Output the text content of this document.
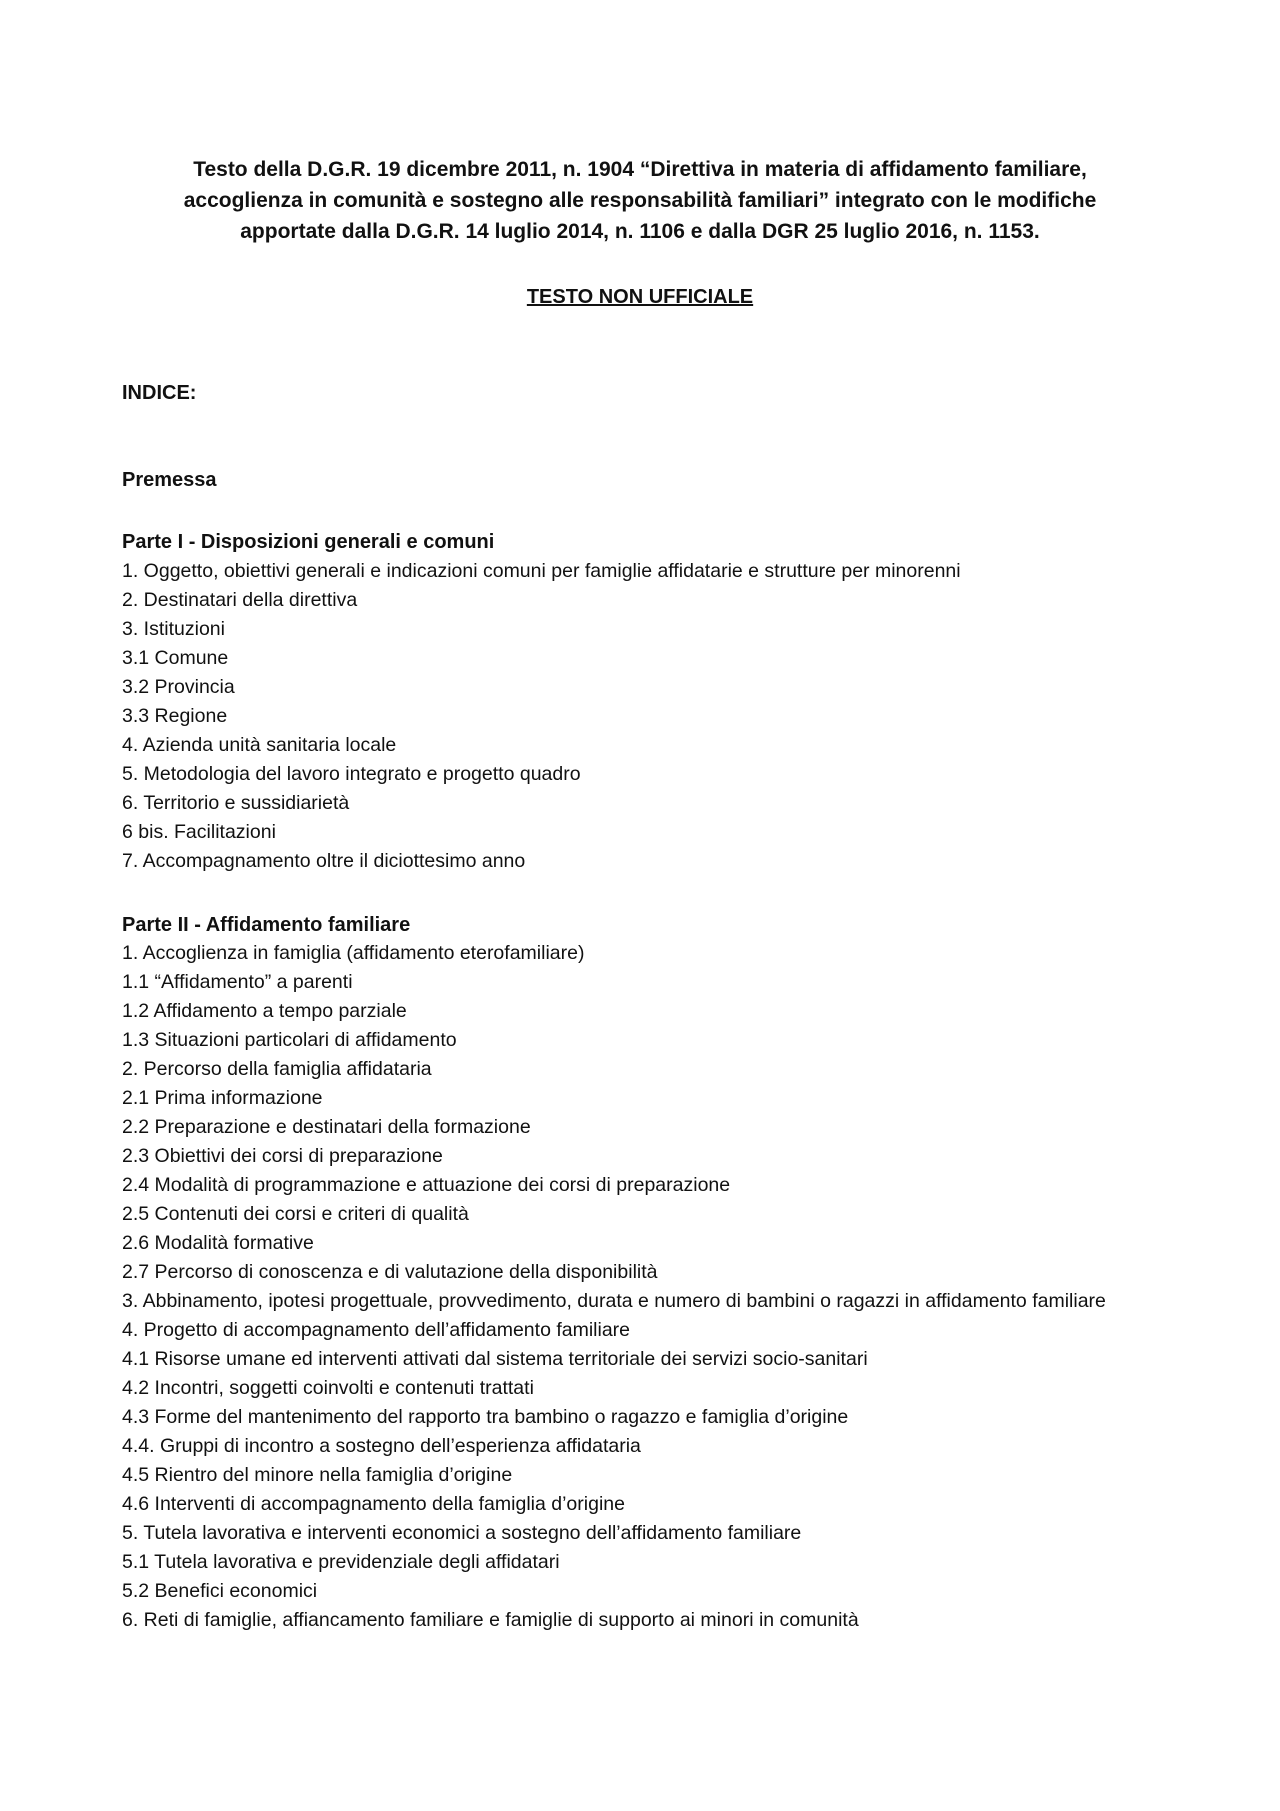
Testo della D.G.R. 19 dicembre 2011, n. 1904 “Direttiva in materia di affidamento familiare,

accoglienza in comunità e sostegno alle responsabilità familiari” integrato con le modifiche

apportate dalla D.G.R. 14 luglio 2014, n. 1106 e dalla DGR 25 luglio 2016, n. 1153.

TESTO NON UFFICIALE

INDICE:

Premessa

Parte I - Disposizioni generali e comuni

1. Oggetto, obiettivi generali e indicazioni comuni per famiglie affidatarie e strutture per minorenni
2. Destinatari della direttiva
3. Istituzioni
3.1 Comune
3.2 Provincia
3.3 Regione
4. Azienda unità sanitaria locale
5. Metodologia del lavoro integrato e progetto quadro
6. Territorio e sussidiarietà
6 bis. Facilitazioni
7. Accompagnamento oltre il diciottesimo anno

Parte II - Affidamento familiare

1. Accoglienza in famiglia (affidamento eterofamiliare)
1.1 “Affidamento” a parenti
1.2 Affidamento a tempo parziale
1.3 Situazioni particolari di affidamento
2. Percorso della famiglia affidataria
2.1 Prima informazione
2.2 Preparazione e destinatari della formazione
2.3 Obiettivi dei corsi di preparazione
2.4 Modalità di programmazione e attuazione dei corsi di preparazione
2.5 Contenuti dei corsi e criteri di qualità
2.6 Modalità formative
2.7 Percorso di conoscenza e di valutazione della disponibilità
3. Abbinamento, ipotesi progettuale, provvedimento, durata e numero di bambini o ragazzi in affidamento familiare
4. Progetto di accompagnamento dell’affidamento familiare
4.1 Risorse umane ed interventi attivati dal sistema territoriale dei servizi socio-sanitari
4.2 Incontri, soggetti coinvolti e contenuti trattati
4.3 Forme del mantenimento del rapporto tra bambino o ragazzo e famiglia d’origine
4.4. Gruppi di incontro a sostegno dell’esperienza affidataria
4.5 Rientro del minore nella famiglia d’origine
4.6 Interventi di accompagnamento della famiglia d’origine
5. Tutela lavorativa e interventi economici a sostegno dell’affidamento familiare
5.1 Tutela lavorativa e previdenziale degli affidatari
5.2 Benefici economici
6. Reti di famiglie, affiancamento familiare e famiglie di supporto ai minori in comunità
